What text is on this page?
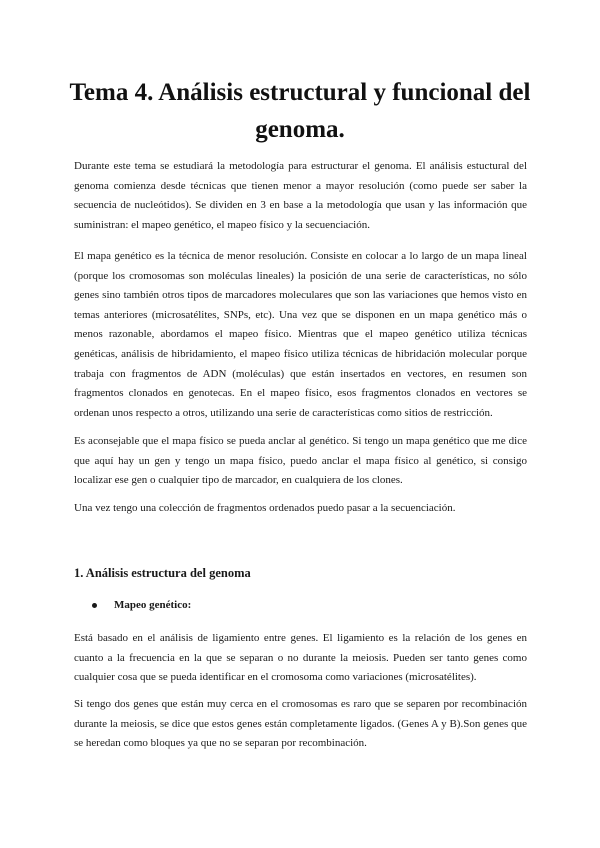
Tema 4. Análisis estructural y funcional del genoma.

Durante este tema se estudiará la metodología para estructurar el genoma. El análisis estuctural del genoma comienza desde técnicas que tienen menor a mayor resolución (como puede ser saber la secuencia de nucleótidos). Se dividen en 3 en base a la metodología que usan y las información que suministran: el mapeo genético, el mapeo físico y la secuenciación.

El mapa genético es la técnica de menor resolución. Consiste en colocar a lo largo de un mapa lineal (porque los cromosomas son moléculas lineales) la posición de una serie de características, no sólo genes sino también otros tipos de marcadores moleculares que son las variaciones que hemos visto en temas anteriores (microsatélites, SNPs, etc). Una vez que se disponen en un mapa genético más o menos razonable, abordamos el mapeo físico. Mientras que el mapeo genético utiliza técnicas genéticas, análisis de hibridamiento, el mapeo físico utiliza técnicas de hibridación molecular porque trabaja con fragmentos de ADN (moléculas) que están insertados en vectores, en resumen son fragmentos clonados en genotecas. En el mapeo físico, esos fragmentos clonados en vectores se ordenan unos respecto a otros, utilizando una serie de características como sitios de restricción.

Es aconsejable que el mapa físico se pueda anclar al genético. Si tengo un mapa genético que me dice que aquí hay un gen y tengo un mapa físico, puedo anclar el mapa físico al genético, si consigo localizar ese gen o cualquier tipo de marcador, en cualquiera de los clones.

Una vez tengo una colección de fragmentos ordenados puedo pasar a la secuenciación.

1. Análisis estructura del genoma
Mapeo genético:

Está basado en el análisis de ligamiento entre genes. El ligamiento es la relación de los genes en cuanto a la frecuencia en la que se separan o no durante la meiosis. Pueden ser tanto genes como cualquier cosa que se pueda identificar en el cromosoma como variaciones (microsatélites).

Si tengo dos genes que están muy cerca en el cromosomas es raro que se separen por recombinación durante la meiosis, se dice que estos genes están completamente ligados. (Genes A y B).Son genes que se heredan como bloques ya que no se separan por recombinación.
